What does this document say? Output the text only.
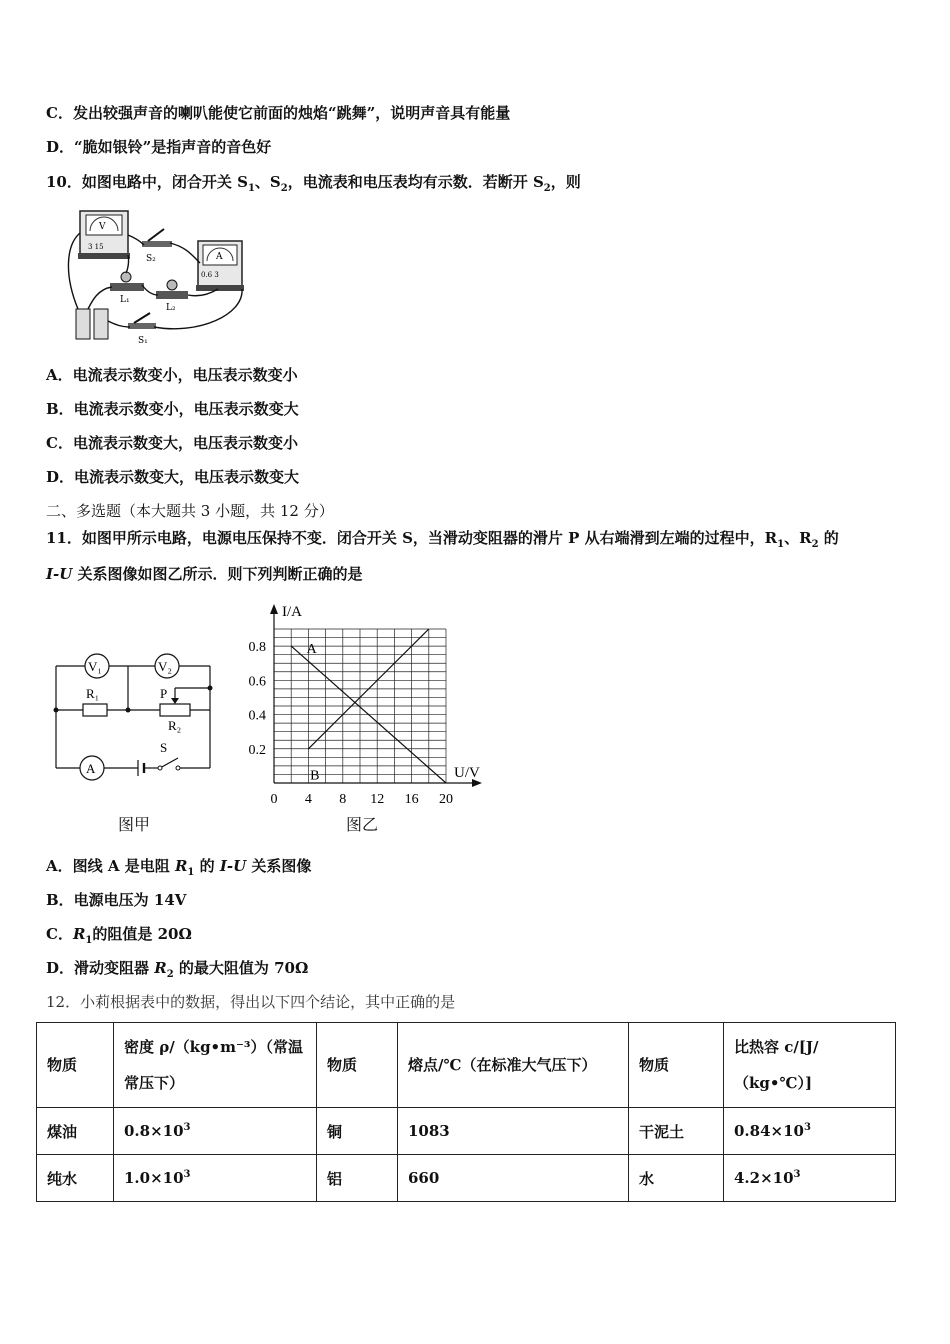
C．发出较强声音的喇叭能使它前面的烛焰“跳舞”，说明声音具有能量
D．“脆如银铃”是指声音的音色好
10．如图电路中，闭合开关 $S_1$、$S_2$，电流表和电压表均有示数．若断开 $S_2$，则
V
3 15
A
0.6 3
S₂
L₁
L₂
S₁
A．电流表示数变小，电压表示数变小
B．电流表示数变小，电压表示数变大
C．电流表示数变大，电压表示数变小
D．电流表示数变大，电压表示数变大
二、多选题（本大题共 3 小题，共 12 分）
11．如图甲所示电路，电源电压保持不变．闭合开关 S，当滑动变阻器的滑片 P 从右端滑到左端的过程中，$R_1$、$R_2$ 的
I-U 关系图像如图乙所示．则下列判断正确的是
V₁	V₂
A
R₁	P
R₂
S
图甲
I/A
U/V
A
B
0 4 8 12 16 20
0.2
0.4
0.6
0.8
图乙
A．图线 A 是电阻 $R_1$ 的 I-U 关系图像
B．电源电压为 14V
C．$R_1$的阻值是 20Ω
D．滑动变阻器 $R_2$ 的最大阻值为 70Ω
12．小莉根据表中的数据，得出以下四个结论，其中正确的是
物质	密度 ρ/（kg•m⁻³）（常温常压下）	物质	熔点/℃（在标准大气压下）	物质	比热容 c/[J/（kg•℃）]
煤油	$0.8\times 10^3$	铜	1083	干泥土	$0.84\times 10^3$
纯水	$1.0\times 10^3$	铝	660	水	$4.2\times 10^3$
